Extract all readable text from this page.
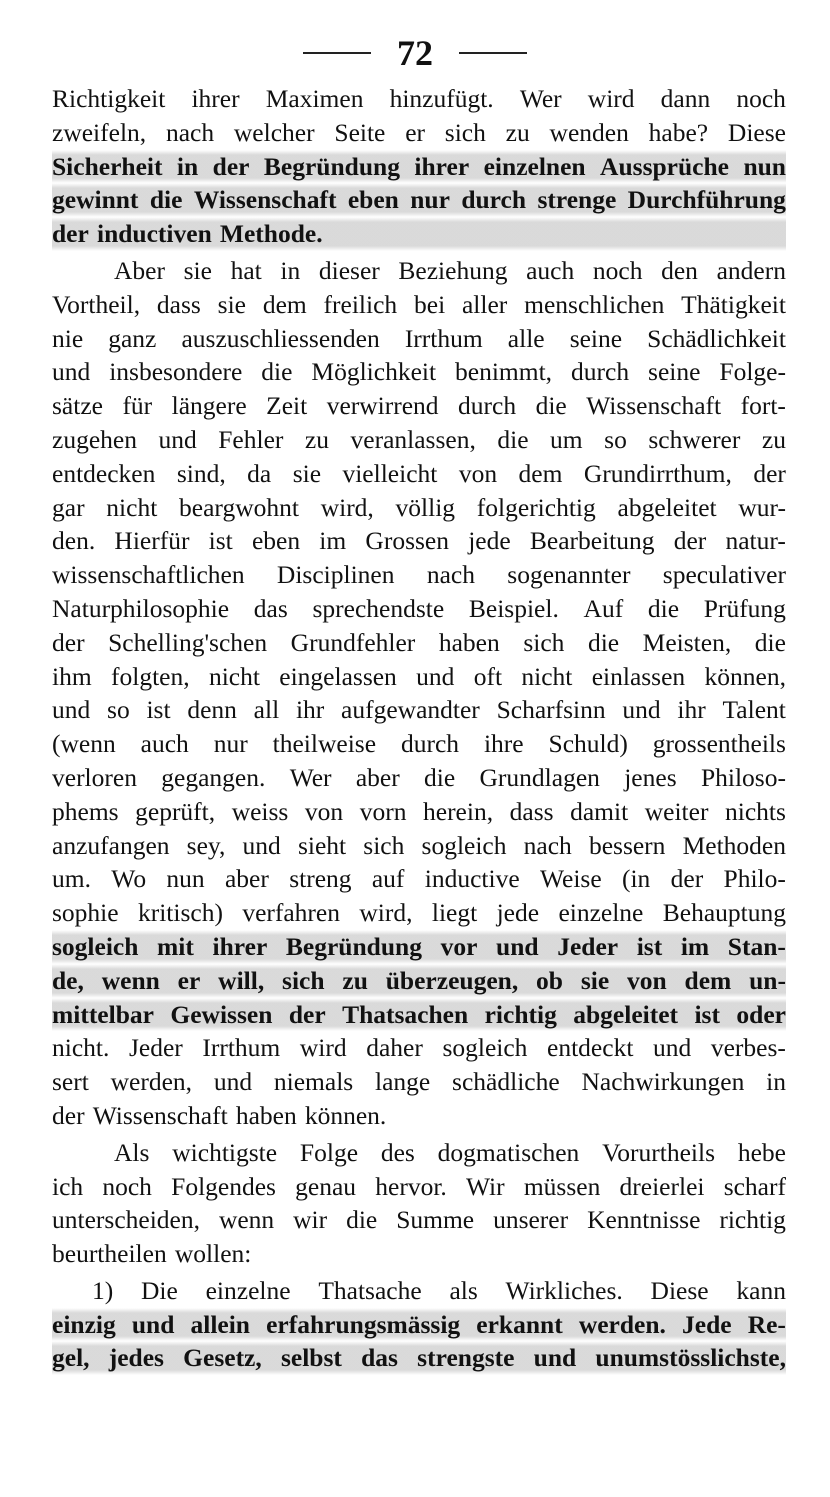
72
Richtigkeit ihrer Maximen hinzufügt. Wer wird dann noch
zweifeln, nach welcher Seite er sich zu wenden habe? Diese
Sicherheit in der Begründung ihrer einzelnen Aussprüche nun
gewinnt die Wissenschaft eben nur durch strenge Durchführung
der inductiven Methode.
Aber sie hat in dieser Beziehung auch noch den andern
Vortheil, dass sie dem freilich bei aller menschlichen Thätigkeit
nie ganz auszuschliessenden Irrthum alle seine Schädlichkeit
und insbesondere die Möglichkeit benimmt, durch seine Folge-
sätze für längere Zeit verwirrend durch die Wissenschaft fort-
zugehen und Fehler zu veranlassen, die um so schwerer zu
entdecken sind, da sie vielleicht von dem Grundirrthum, der
gar nicht beargwohnt wird, völlig folgerichtig abgeleitet wur-
den. Hierfür ist eben im Grossen jede Bearbeitung der natur-
wissenschaftlichen Disciplinen nach sogenannter speculativer
Naturphilosophie das sprechendste Beispiel. Auf die Prüfung
der Schelling'schen Grundfehler haben sich die Meisten, die
ihm folgten, nicht eingelassen und oft nicht einlassen können,
und so ist denn all ihr aufgewandter Scharfsinn und ihr Talent
(wenn auch nur theilweise durch ihre Schuld) grossentheils
verloren gegangen. Wer aber die Grundlagen jenes Philoso-
phems geprüft, weiss von vorn herein, dass damit weiter nichts
anzufangen sey, und sieht sich sogleich nach bessern Methoden
um. Wo nun aber streng auf inductive Weise (in der Philo-
sophie kritisch) verfahren wird, liegt jede einzelne Behauptung
sogleich mit ihrer Begründung vor und Jeder ist im Stan-
de, wenn er will, sich zu überzeugen, ob sie von dem un-
mittelbar Gewissen der Thatsachen richtig abgeleitet ist oder
nicht. Jeder Irrthum wird daher sogleich entdeckt und verbes-
sert werden, und niemals lange schädliche Nachwirkungen in
der Wissenschaft haben können.
Als wichtigste Folge des dogmatischen Vorurtheils hebe
ich noch Folgendes genau hervor. Wir müssen dreierlei scharf
unterscheiden, wenn wir die Summe unserer Kenntnisse richtig
beurtheilen wollen:
1) Die einzelne Thatsache als Wirkliches. Diese kann
einzig und allein erfahrungsmässig erkannt werden. Jede Re-
gel, jedes Gesetz, selbst das strengste und unumstösslichste,
